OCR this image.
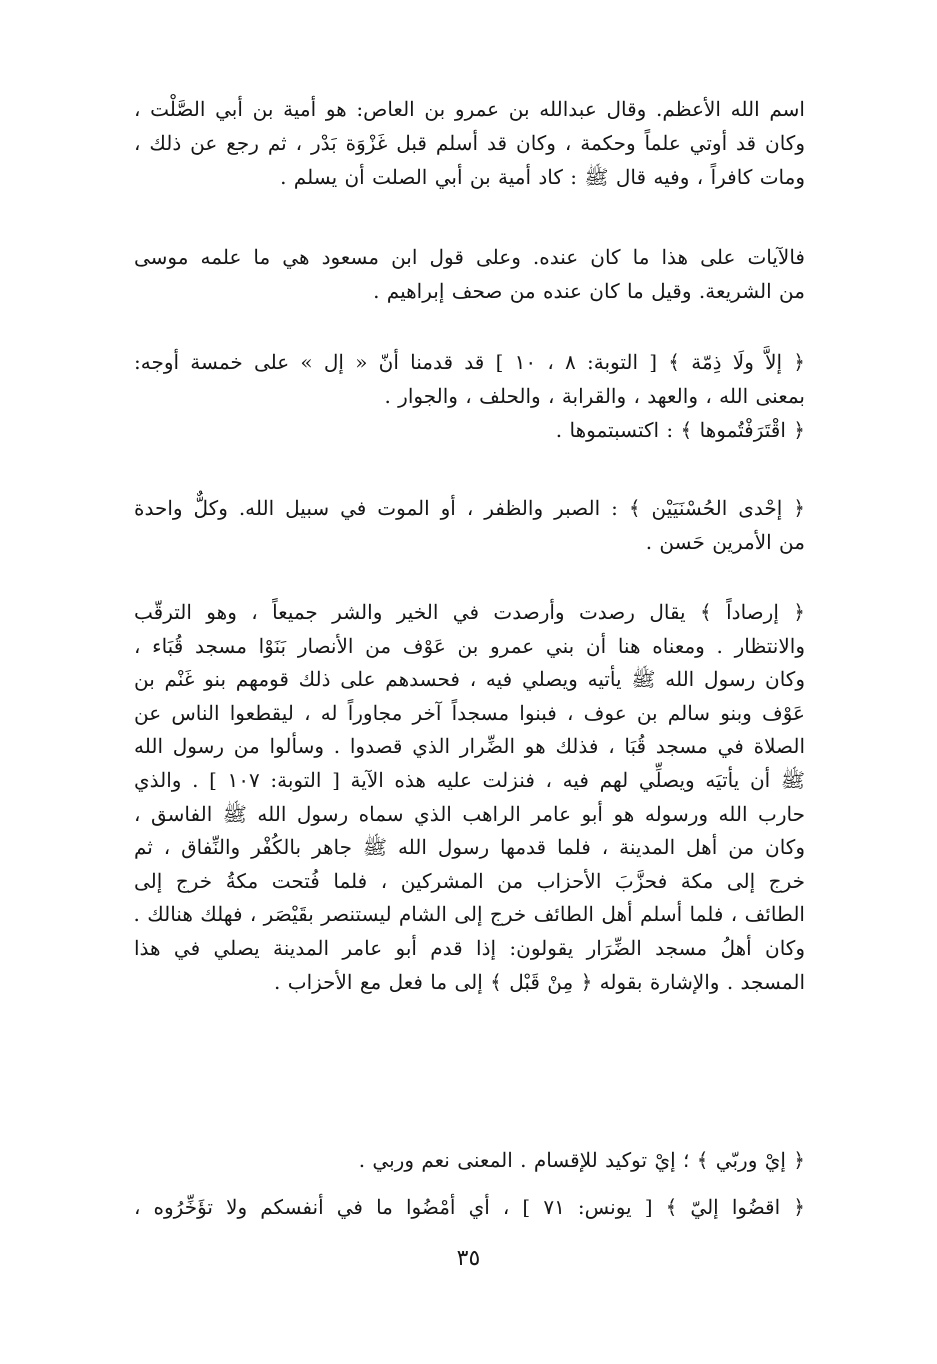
اسم الله الأعظم. وقال عبدالله بن عمرو بن العاص: هو أمية بن أبي الصَّلْت ،
وكان قد أوتي علماً وحكمة ، وكان قد أسلم قبل غَزْوَة بَدْر ، ثم رجع عن ذلك ،
ومات كافراً ، وفيه قال ﷺ : كاد أمية بن أبي الصلت أن يسلم .

فالآيات على هذا ما كان عنده. وعلى قول ابن مسعود هي ما علمه موسى
من الشريعة. وقيل ما كان عنده من صحف إبراهيم .

﴿ إلاَّ ولَا ذِمّة ﴾ [ التوبة: ٨ ، ١٠ ] قد قدمنا أنّ « إل » على خمسة أوجه:
بمعنى الله ، والعهد ، والقرابة ، والحلف ، والجوار .
﴿ اقْتَرَفْتُموها ﴾ : اكتسبتموها .

﴿ إحْدى الحُسْنَيَيْن ﴾ : الصبر والظفر ، أو الموت في سبيل الله. وكلٌّ واحدة
من الأمرين حَسن .

﴿ إرصاداً ﴾ يقال رصدت وأرصدت في الخير والشر جميعاً ، وهو الترقّب
والانتظار . ومعناه هنا أن بني عمرو بن عَوْف من الأنصار بَنَوْا مسجد قُبَاء ،
وكان رسول الله ﷺ يأتيه ويصلي فيه ، فحسدهم على ذلك قومهم بنو غَنْم بن
عَوْف وبنو سالم بن عوف ، فبنوا مسجداً آخر مجاوراً له ، ليقطعوا الناس عن
الصلاة في مسجد قُبَا ، فذلك هو الضِّرار الذي قصدوا . وسألوا من رسول الله
ﷺ أن يأتيَه ويصلِّي لهم فيه ، فنزلت عليه هذه الآية [ التوبة: ١٠٧ ] . والذي
حارب الله ورسوله هو أبو عامر الراهب الذي سماه رسول الله ﷺ الفاسق ،
وكان من أهل المدينة ، فلما قدمها رسول الله ﷺ جاهر بالكُفْر والنِّفاق ، ثم
خرج إلى مكة فحزَّبَ الأحزاب من المشركين ، فلما فُتحت مكةُ خرج إلى
الطائف ، فلما أسلم أهل الطائف خرج إلى الشام ليستنصر بقَيْصَر ، فهلك هنالك .
وكان أهلُ مسجد الضِّرَار يقولون: إذا قدم أبو عامر المدينة يصلي في هذا
المسجد . والإشارة بقوله ﴿ مِنْ قَبْل ﴾ إلى ما فعل مع الأحزاب .

﴿ إيْ وربّي ﴾ ؛ إيْ توكيد للإقسام . المعنى نعم وربي .

﴿ اقضُوا إليّ ﴾ [ يونس: ٧١ ] ، أي أمْضُوا ما في أنفسكم ولا تؤَخِّرُوه ،

٣٥
